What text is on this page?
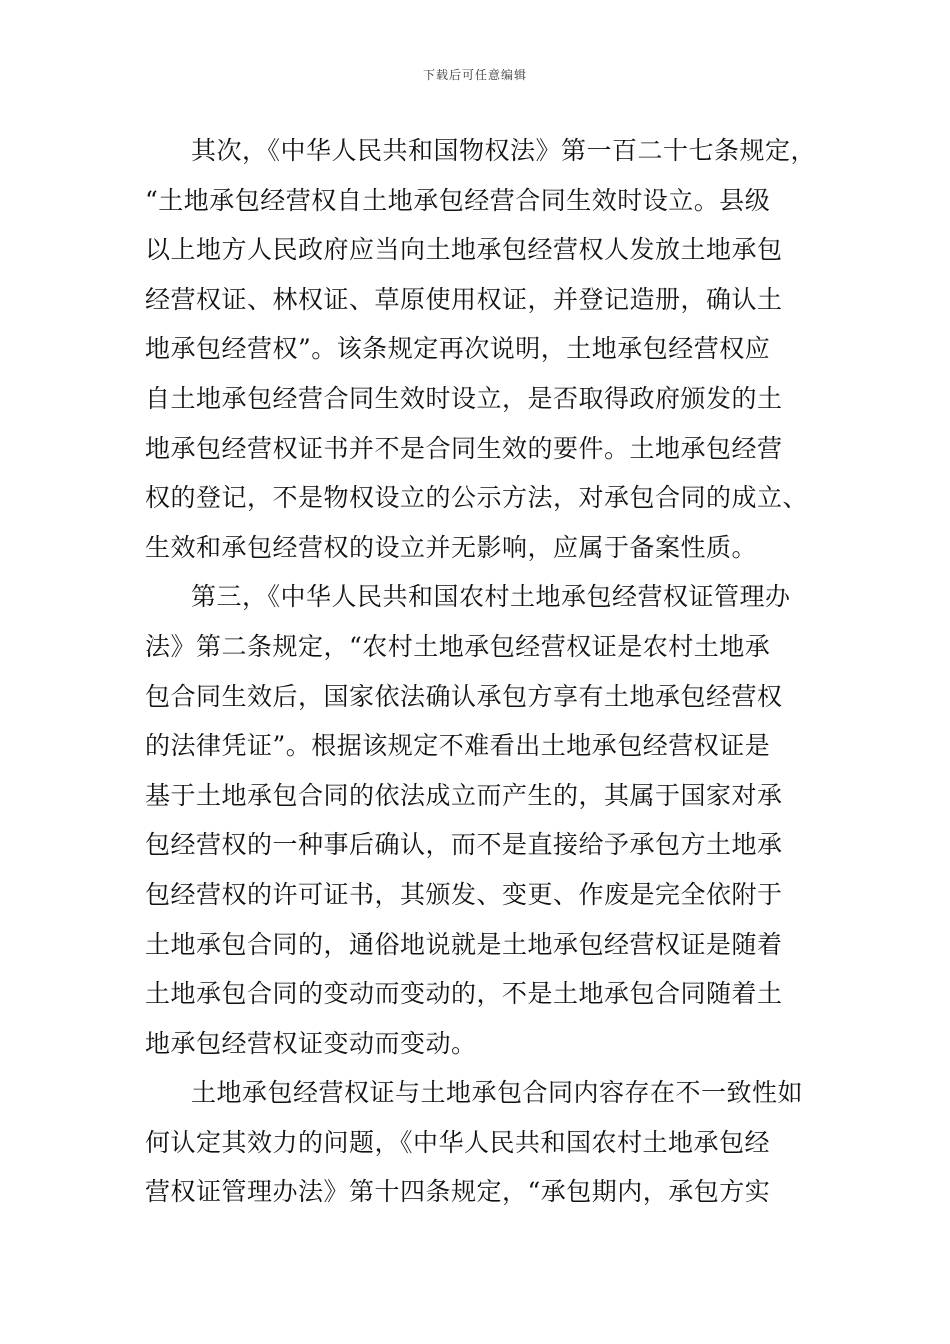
下载后可任意编辑
其次，《中华人民共和国物权法》第一百二十七条规定，
“土地承包经营权自土地承包经营合同生效时设立。县级
以上地方人民政府应当向土地承包经营权人发放土地承包
经营权证、林权证、草原使用权证，并登记造册，确认土
地承包经营权”。该条规定再次说明，土地承包经营权应
自土地承包经营合同生效时设立，是否取得政府颁发的土
地承包经营权证书并不是合同生效的要件。土地承包经营
权的登记，不是物权设立的公示方法，对承包合同的成立、
生效和承包经营权的设立并无影响，应属于备案性质。
第三，《中华人民共和国农村土地承包经营权证管理办
法》第二条规定，“农村土地承包经营权证是农村土地承
包合同生效后，国家依法确认承包方享有土地承包经营权
的法律凭证”。根据该规定不难看出土地承包经营权证是
基于土地承包合同的依法成立而产生的，其属于国家对承
包经营权的一种事后确认，而不是直接给予承包方土地承
包经营权的许可证书，其颁发、变更、作废是完全依附于
土地承包合同的，通俗地说就是土地承包经营权证是随着
土地承包合同的变动而变动的，不是土地承包合同随着土
地承包经营权证变动而变动。
土地承包经营权证与土地承包合同内容存在不一致性如
何认定其效力的问题，《中华人民共和国农村土地承包经
营权证管理办法》第十四条规定，“承包期内，承包方实
